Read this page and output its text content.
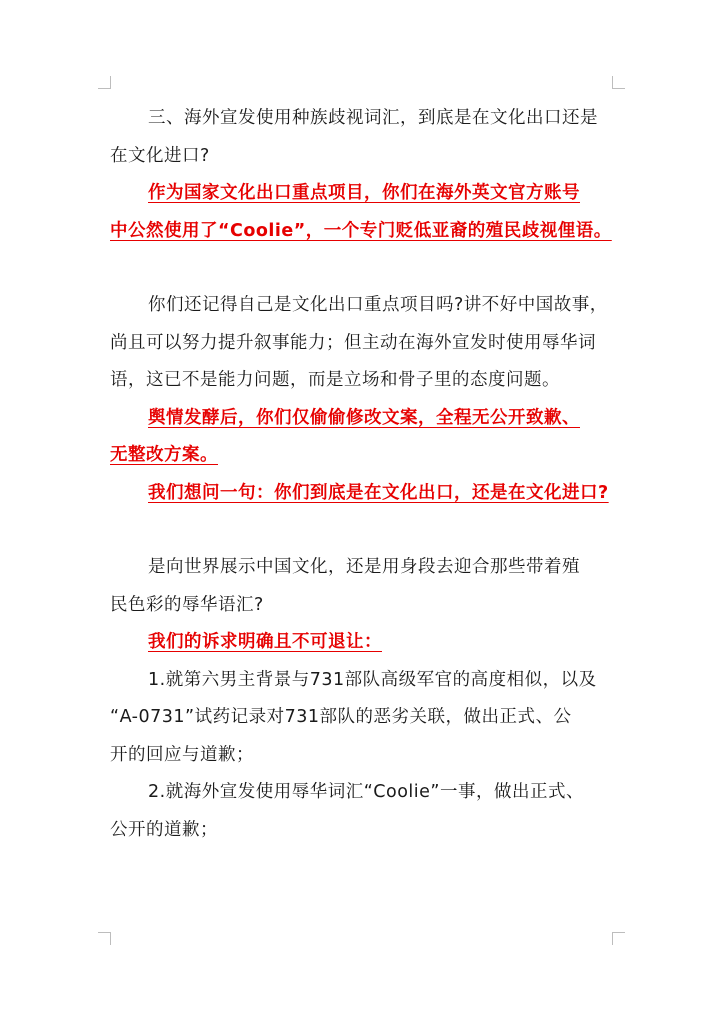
三、海外宣发使用种族歧视词汇，到底是在文化出口还是
在文化进口?

作为国家文化出口重点项目，你们在海外英文官方账号
中公然使用了“Coolie”，一个专门贬低亚裔的殖民歧视俚语。

你们还记得自己是文化出口重点项目吗?讲不好中国故事，
尚且可以努力提升叙事能力；但主动在海外宣发时使用辱华词
语，这已不是能力问题，而是立场和骨子里的态度问题。

舆情发酵后，你们仅偷偷修改文案，全程无公开致歉、
无整改方案。

我们想问一句：你们到底是在文化出口，还是在文化进口?

是向世界展示中国文化，还是用身段去迎合那些带着殖
民色彩的辱华语汇?

我们的诉求明确且不可退让：

1.就第六男主背景与731部队高级军官的高度相似，以及
“A-0731”试药记录对731部队的恶劣关联，做出正式、公
开的回应与道歉；

2.就海外宣发使用辱华词汇“Coolie”一事，做出正式、
公开的道歉；
